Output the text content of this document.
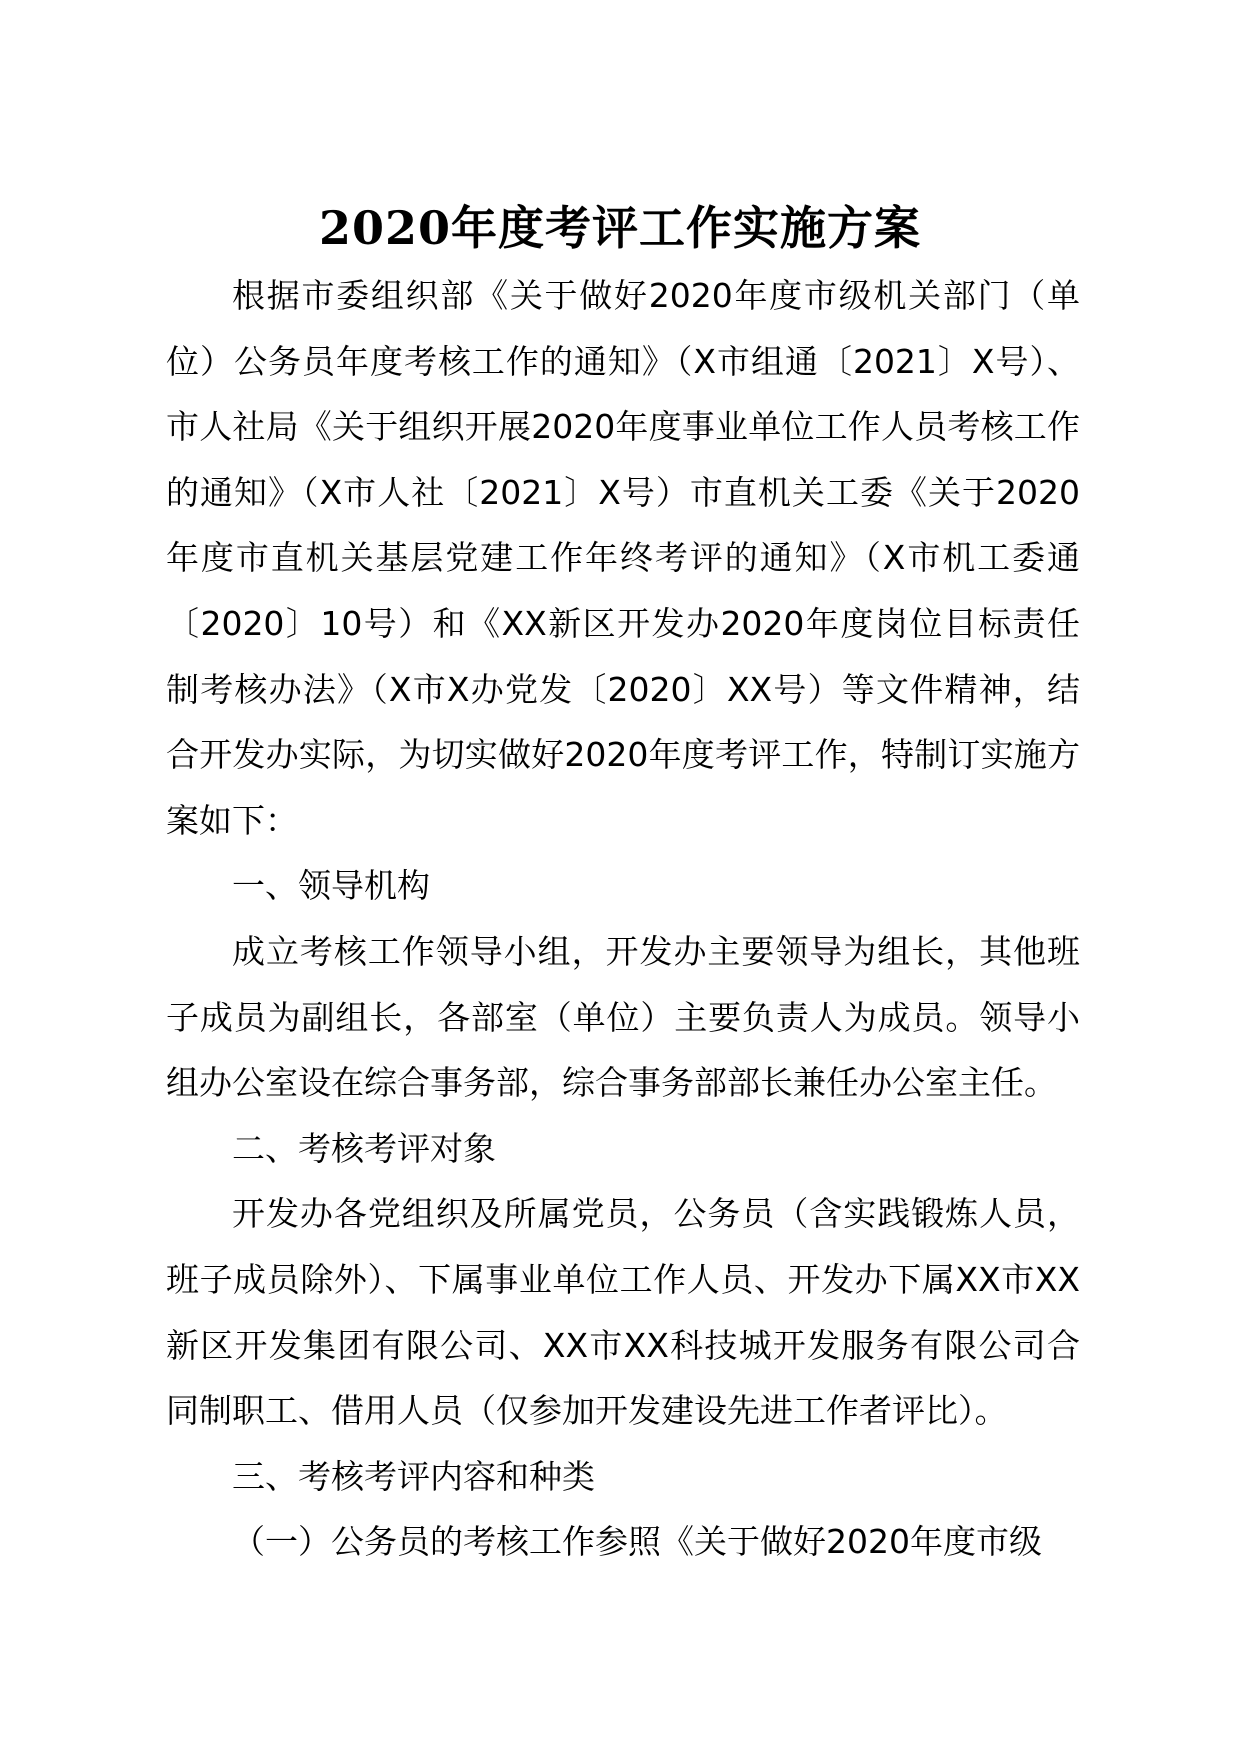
2020年度考评工作实施方案

根据市委组织部《关于做好2020年度市级机关部门（单位）公务员年度考核工作的通知》（X市组通〔2021〕X号）、市人社局《关于组织开展2020年度事业单位工作人员考核工作的通知》（X市人社〔2021〕X号）市直机关工委《关于2020年度市直机关基层党建工作年终考评的通知》（X市机工委通〔2020〕10号）和《XX新区开发办2020年度岗位目标责任制考核办法》（X市X办党发〔2020〕XX号）等文件精神，结合开发办实际，为切实做好2020年度考评工作，特制订实施方案如下：

一、领导机构

成立考核工作领导小组，开发办主要领导为组长，其他班子成员为副组长，各部室（单位）主要负责人为成员。领导小组办公室设在综合事务部，综合事务部部长兼任办公室主任。

二、考核考评对象

开发办各党组织及所属党员，公务员（含实践锻炼人员，班子成员除外）、下属事业单位工作人员、开发办下属XX市XX新区开发集团有限公司、XX市XX科技城开发服务有限公司合同制职工、借用人员（仅参加开发建设先进工作者评比）。

三、考核考评内容和种类

（一）公务员的考核工作参照《关于做好2020年度市级
